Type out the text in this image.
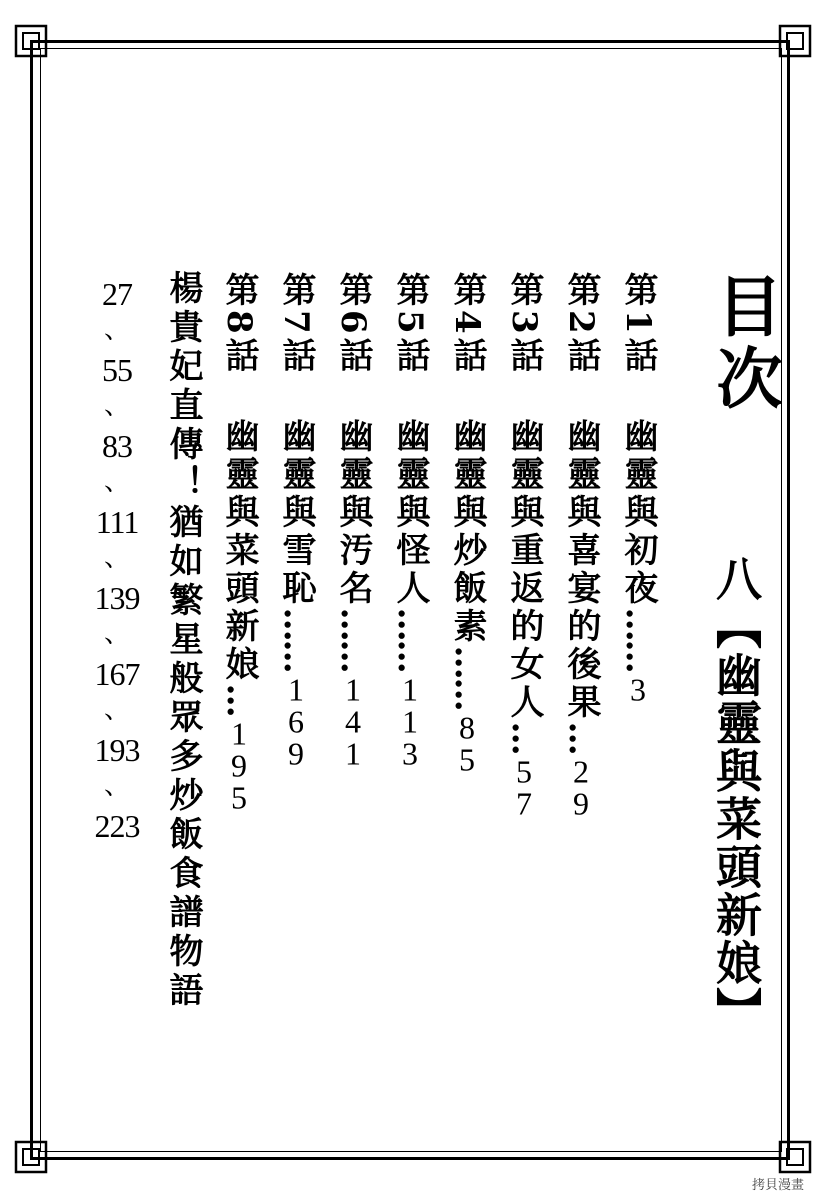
目次
八【幽靈與菜頭新娘】
第1話幽靈與初夜……3
第2話幽靈與喜宴的後果…29
第3話幽靈與重返的女人…57
第4話幽靈與炒飯素……85
第5話幽靈與怪人……113
第6話幽靈與汚名……141
第7話幽靈與雪恥……169
第8話幽靈與菜頭新娘…195
楊貴妃直傳！猶如繁星般眾多炒飯食譜物語
27
、
55
、
83
、
111
、
139
、
167
、
193
、
223
拷貝漫畫
